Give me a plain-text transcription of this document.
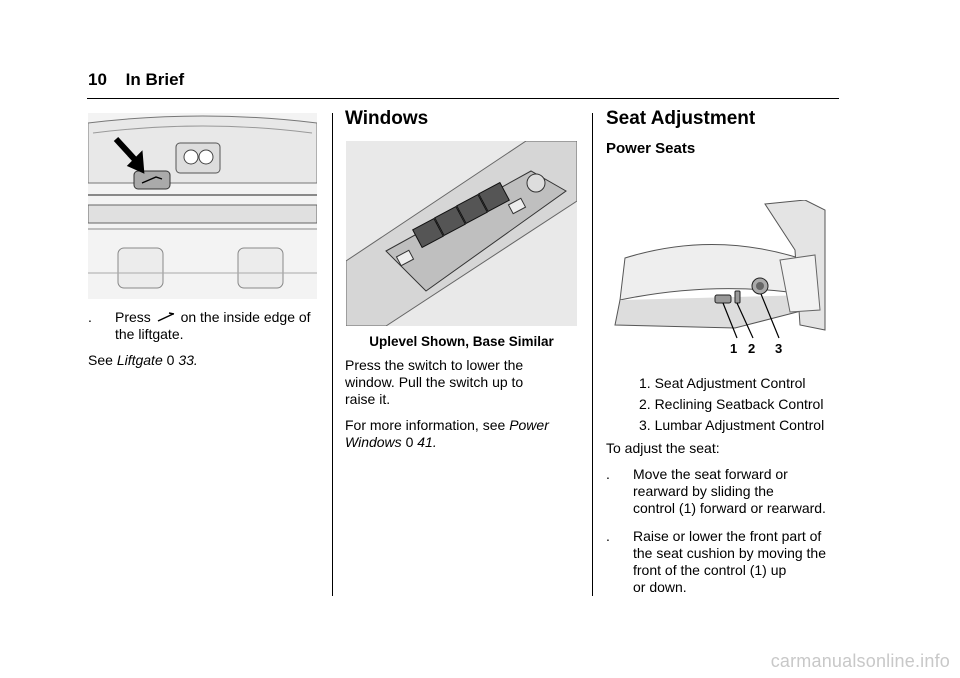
10 In Brief
. Press on the inside edge of
the liftgate.
See Liftgate 0 33.
Windows
Uplevel Shown, Base Similar
Press the switch to lower the
window. Pull the switch up to
raise it.
For more information, see Power
Windows 0 41.
Seat Adjustment
Power Seats
1 2 3
1. Seat Adjustment Control
2. Reclining Seatback Control
3. Lumbar Adjustment Control
To adjust the seat:
. Move the seat forward or
rearward by sliding the
control (1) forward or rearward.
. Raise or lower the front part of
the seat cushion by moving the
front of the control (1) up
or down.
carmanualsonline.info
